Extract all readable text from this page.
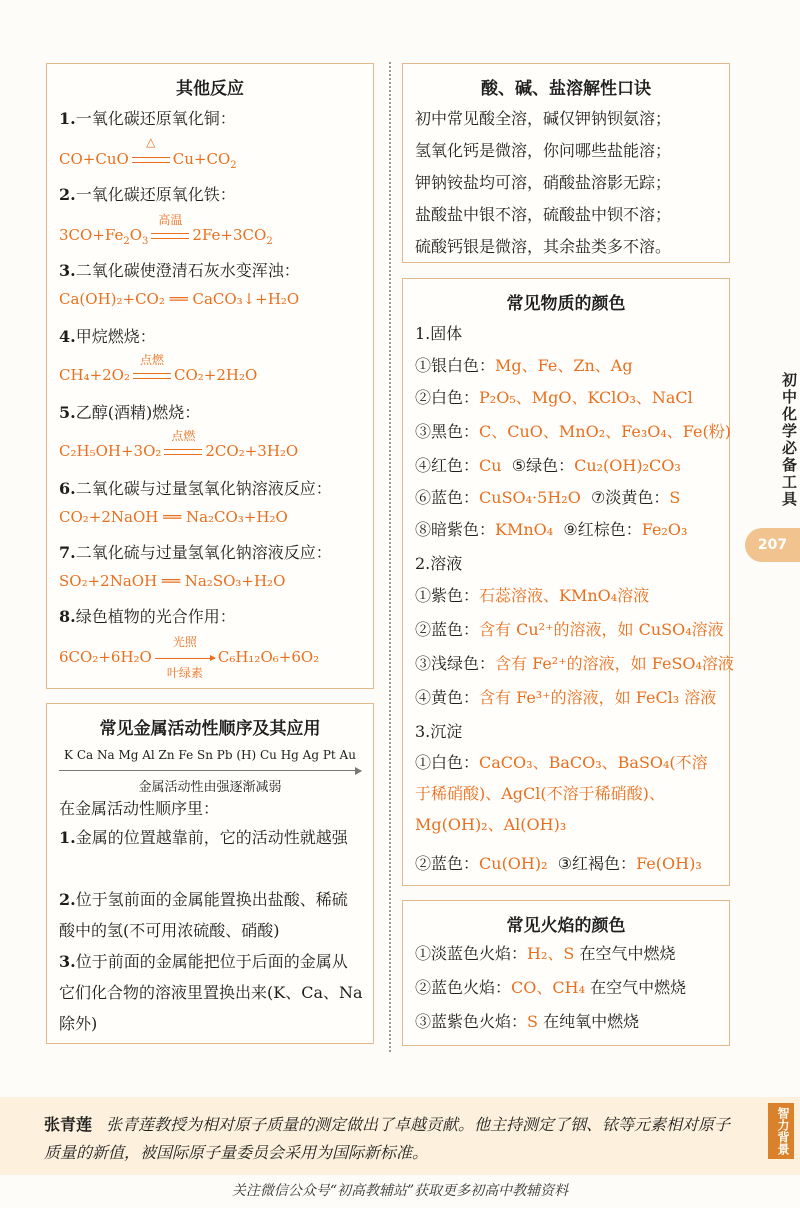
其他反应
1.一氧化碳还原氧化铜：
CO+CuO
△
$Cu+CO_2$
2.一氧化碳还原氧化铁：
$3CO+Fe_2O_3$
高温
$2Fe+3CO_2$
3.二氧化碳使澄清石灰水变浑浊：
Ca(OH)₂+CO₂ ══ CaCO₃↓+H₂O
4.甲烷燃烧：
CH₄+2O₂
点燃
CO₂+2H₂O
5.乙醇(酒精)燃烧：
C₂H₅OH+3O₂
点燃
2CO₂+3H₂O
6.二氧化碳与过量氢氧化钠溶液反应：
CO₂+2NaOH ══ Na₂CO₃+H₂O
7.二氧化硫与过量氢氧化钠溶液反应：
SO₂+2NaOH ══ Na₂SO₃+H₂O
8.绿色植物的光合作用：
6CO₂+6H₂O
光照
叶绿素
C₆H₁₂O₆+6O₂
常见金属活动性顺序及其应用
K Ca Na Mg Al Zn Fe Sn Pb (H) Cu Hg Ag Pt Au
金属活动性由强逐渐减弱
在金属活动性顺序里：
1.金属的位置越靠前，它的活动性就越强
2.位于氢前面的金属能置换出盐酸、稀硫酸中的氢(不可用浓硫酸、硝酸)
3.位于前面的金属能把位于后面的金属从它们化合物的溶液里置换出来(K、Ca、Na除外)
酸、碱、盐溶解性口诀
初中常见酸全溶，碱仅钾钠钡氨溶；
氢氧化钙是微溶，你问哪些盐能溶；
钾钠铵盐均可溶，硝酸盐溶影无踪；
盐酸盐中银不溶，硫酸盐中钡不溶；
硫酸钙银是微溶，其余盐类多不溶。
常见物质的颜色
1.固体
①银白色：Mg、Fe、Zn、Ag
②白色：P₂O₅、MgO、KClO₃、NaCl
③黑色：C、CuO、MnO₂、Fe₃O₄、Fe(粉)
④红色：Cu ⑤绿色：Cu₂(OH)₂CO₃
⑥蓝色：CuSO₄·5H₂O ⑦淡黄色：S
⑧暗紫色：KMnO₄ ⑨红棕色：Fe₂O₃
2.溶液
①紫色：石蕊溶液、KMnO₄溶液
②蓝色：含有 Cu²⁺的溶液，如 CuSO₄溶液
③浅绿色：含有 Fe²⁺的溶液，如 FeSO₄溶液
④黄色：含有 Fe³⁺的溶液，如 FeCl₃ 溶液
3.沉淀
①白色：CaCO₃、BaCO₃、BaSO₄(不溶于稀硝酸)、AgCl(不溶于稀硝酸)、Mg(OH)₂、Al(OH)₃
②蓝色：Cu(OH)₂ ③红褐色：Fe(OH)₃
常见火焰的颜色
①淡蓝色火焰：H₂、S 在空气中燃烧
②蓝色火焰：CO、CH₄ 在空气中燃烧
③蓝紫色火焰：S 在纯氧中燃烧
初中化学必备工具
207
张青莲 张青莲教授为相对原子质量的测定做出了卓越贡献。他主持测定了铟、铱等元素相对原子质量的新值，被国际原子量委员会采用为国际新标准。	智力背景
关注微信公众号“初高教辅站”获取更多初高中教辅资料
